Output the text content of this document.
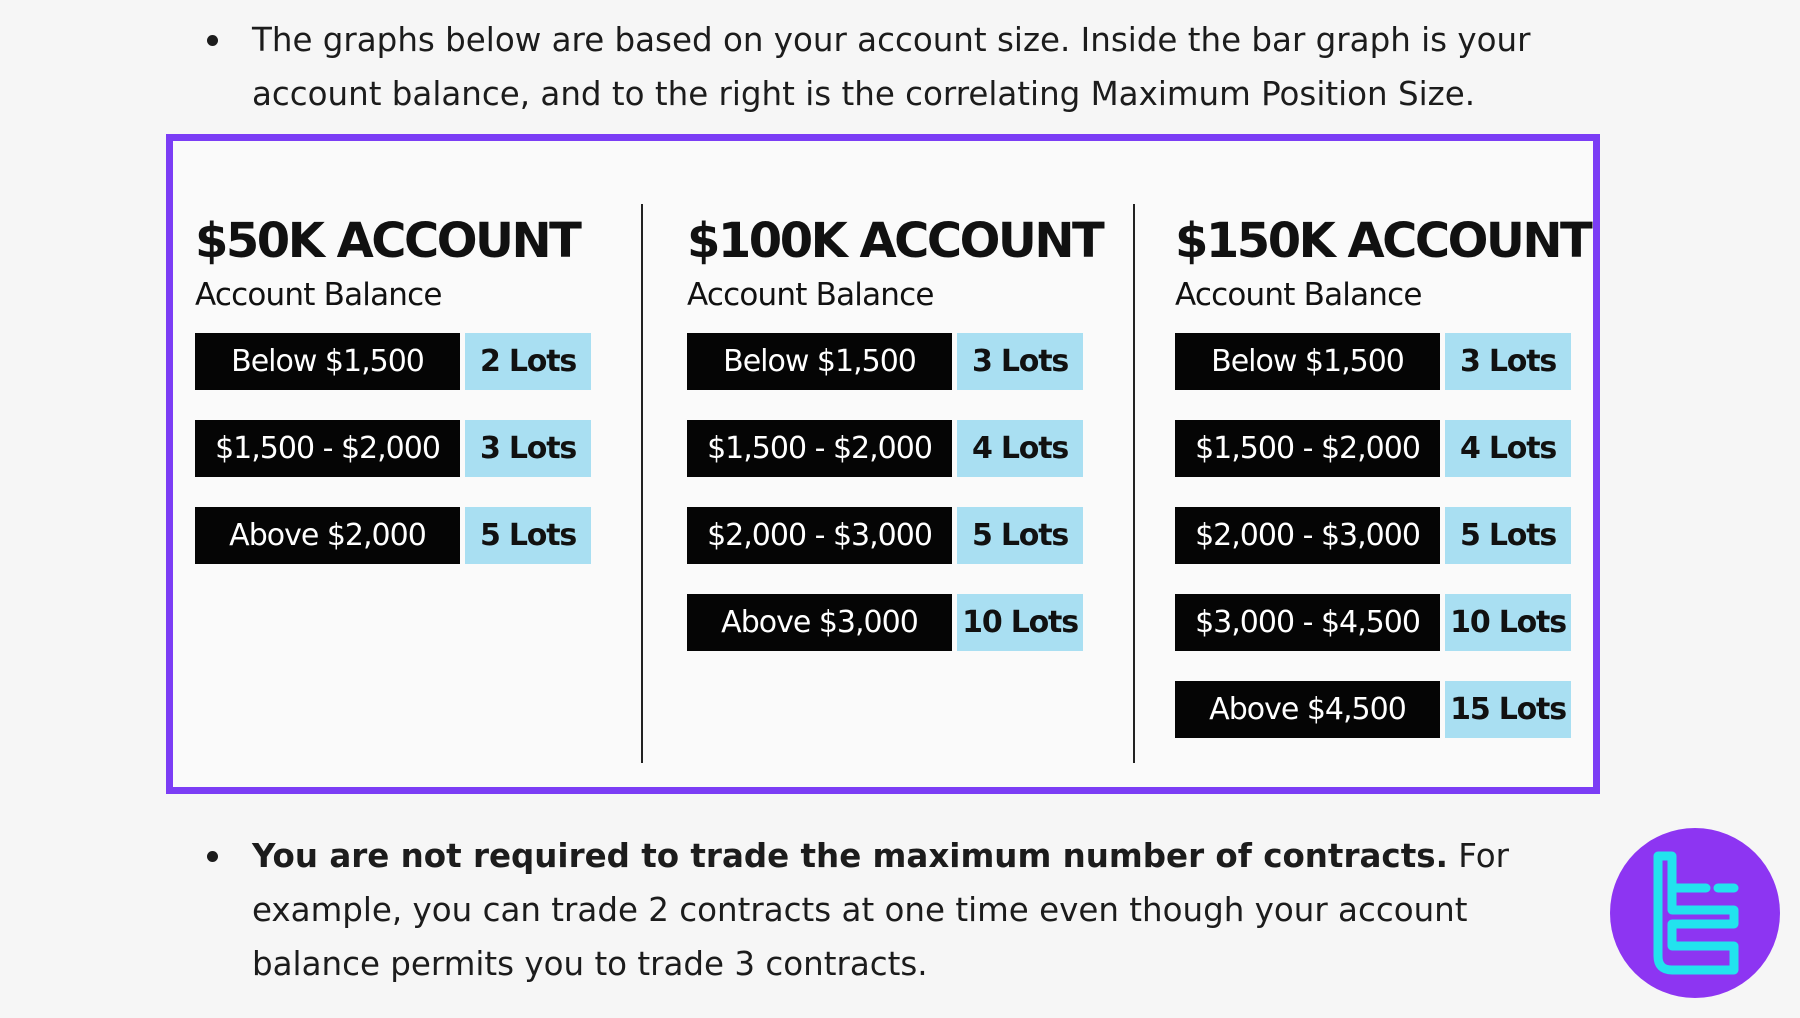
The graphs below are based on your account size. Inside the bar graph is your account balance, and to the right is the correlating Maximum Position Size.
$50K ACCOUNT
Account Balance
Below $1,500	2 Lots
$1,500 - $2,000	3 Lots
Above $2,000	5 Lots
$100K ACCOUNT
Account Balance
Below $1,500	3 Lots
$1,500 - $2,000	4 Lots
$2,000 - $3,000	5 Lots
Above $3,000	10 Lots
$150K ACCOUNT
Account Balance
Below $1,500	3 Lots
$1,500 - $2,000	4 Lots
$2,000 - $3,000	5 Lots
$3,000 - $4,500	10 Lots
Above $4,500	15 Lots
You are not required to trade the maximum number of contracts. For example, you can trade 2 contracts at one time even though your account balance permits you to trade 3 contracts.
